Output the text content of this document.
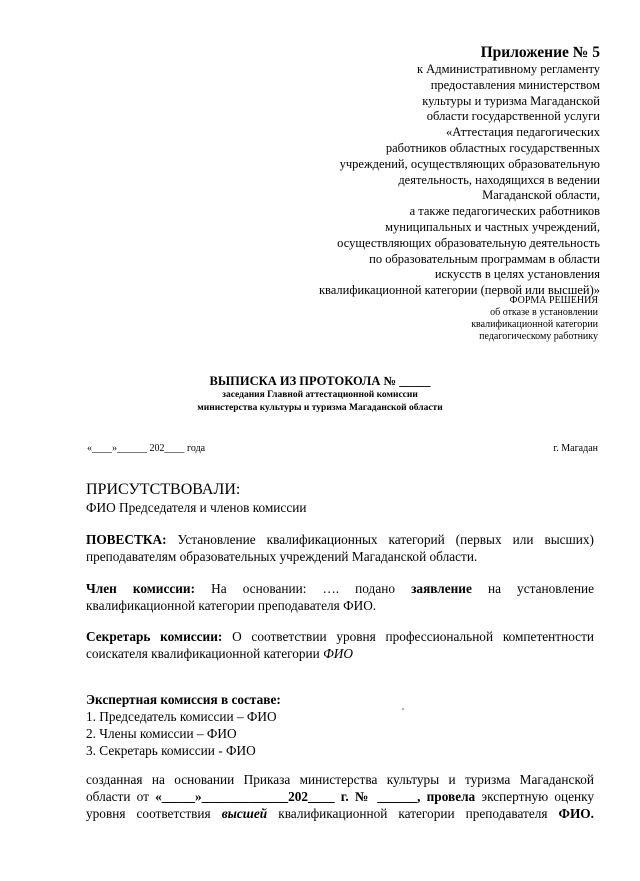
Приложение № 5
к Административному регламенту
предоставления министерством
культуры и туризма Магаданской
области государственной услуги
«Аттестация педагогических
работников областных государственных
учреждений, осуществляющих образовательную
деятельность, находящихся в ведении
Магаданской области,
а также педагогических работников
муниципальных и частных учреждений,
осуществляющих образовательную деятельность
по образовательным программам в области
искусств в целях установления
квалификационной категории (первой или высшей)»
ФОРМА РЕШЕНИЯ
об отказе в установлении
квалификационной категории
педагогическому работнику
ВЫПИСКА ИЗ ПРОТОКОЛА № _____
заседания Главной аттестационной комиссии
министерства культуры и туризма Магаданской области
«____»______ 202____ года	г. Магадан
ПРИСУТСТВОВАЛИ:
ФИО Председателя и членов комиссии
ПОВЕСТКА: Установление квалификационных категорий (первых или высших)
преподавателям образовательных учреждений Магаданской области.
Член комиссии: На основании: …. подано заявление на установление
квалификационной категории преподавателя ФИО.
Секретарь комиссии: О соответствии уровня профессиональной компетентности
соискателя квалификационной категории ФИО
Экспертная комиссия в составе:
1. Председатель комиссии – ФИО
2. Члены комиссии – ФИО
3. Секретарь комиссии - ФИО
созданная на основании Приказа министерства культуры и туризма Магаданской
области от «_____»_____________202____ г. № ______, провела экспертную оценку
уровня соответствия высшей квалификационной категории преподавателя ФИО.
